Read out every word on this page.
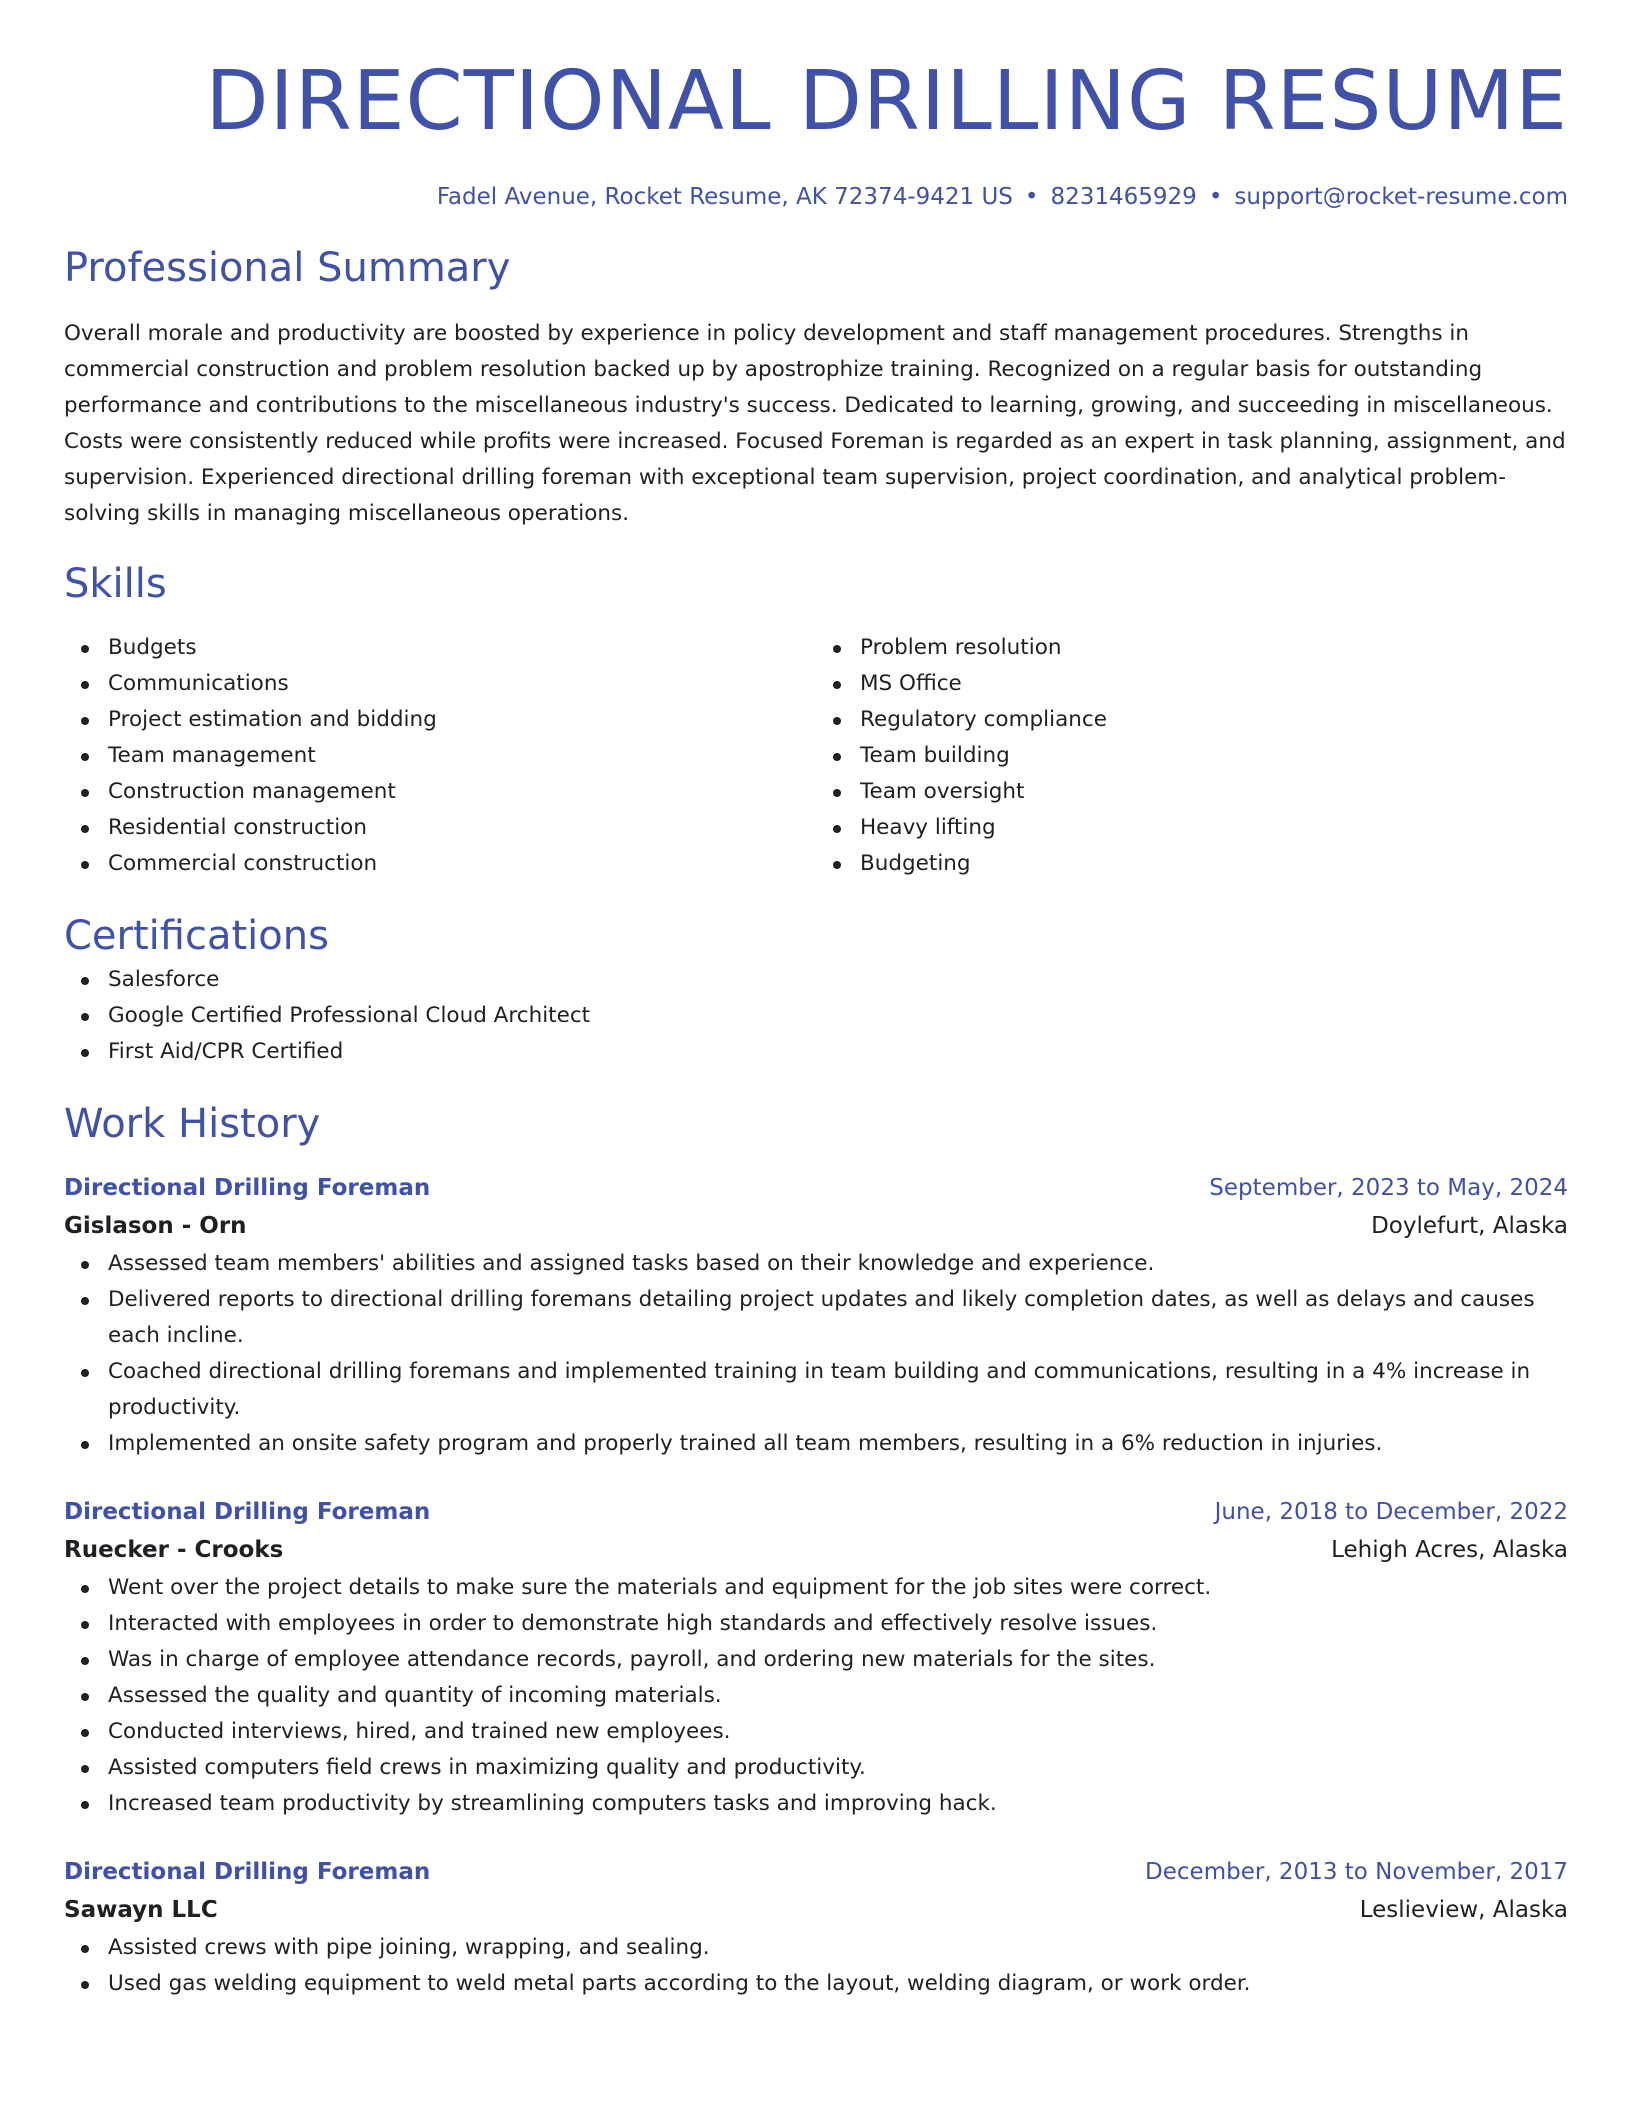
DIRECTIONAL DRILLING RESUME
Fadel Avenue, Rocket Resume, AK 72374-9421 US • 8231465929 • support@rocket-resume.com
Professional Summary
Overall morale and productivity are boosted by experience in policy development and staff management procedures. Strengths in commercial construction and problem resolution backed up by apostrophize training. Recognized on a regular basis for outstanding performance and contributions to the miscellaneous industry's success. Dedicated to learning, growing, and succeeding in miscellaneous. Costs were consistently reduced while profits were increased. Focused Foreman is regarded as an expert in task planning, assignment, and supervision. Experienced directional drilling foreman with exceptional team supervision, project coordination, and analytical problem-solving skills in managing miscellaneous operations.
Skills
Budgets
Communications
Project estimation and bidding
Team management
Construction management
Residential construction
Commercial construction
Problem resolution
MS Office
Regulatory compliance
Team building
Team oversight
Heavy lifting
Budgeting
Certifications
Salesforce
Google Certified Professional Cloud Architect
First Aid/CPR Certified
Work History
Directional Drilling Foreman	September, 2023 to May, 2024
Gislason - Orn	Doylefurt, Alaska
Assessed team members' abilities and assigned tasks based on their knowledge and experience.
Delivered reports to directional drilling foremans detailing project updates and likely completion dates, as well as delays and causes each incline.
Coached directional drilling foremans and implemented training in team building and communications, resulting in a 4% increase in productivity.
Implemented an onsite safety program and properly trained all team members, resulting in a 6% reduction in injuries.
Directional Drilling Foreman	June, 2018 to December, 2022
Ruecker - Crooks	Lehigh Acres, Alaska
Went over the project details to make sure the materials and equipment for the job sites were correct.
Interacted with employees in order to demonstrate high standards and effectively resolve issues.
Was in charge of employee attendance records, payroll, and ordering new materials for the sites.
Assessed the quality and quantity of incoming materials.
Conducted interviews, hired, and trained new employees.
Assisted computers field crews in maximizing quality and productivity.
Increased team productivity by streamlining computers tasks and improving hack.
Directional Drilling Foreman	December, 2013 to November, 2017
Sawayn LLC	Leslieview, Alaska
Assisted crews with pipe joining, wrapping, and sealing.
Used gas welding equipment to weld metal parts according to the layout, welding diagram, or work order.
